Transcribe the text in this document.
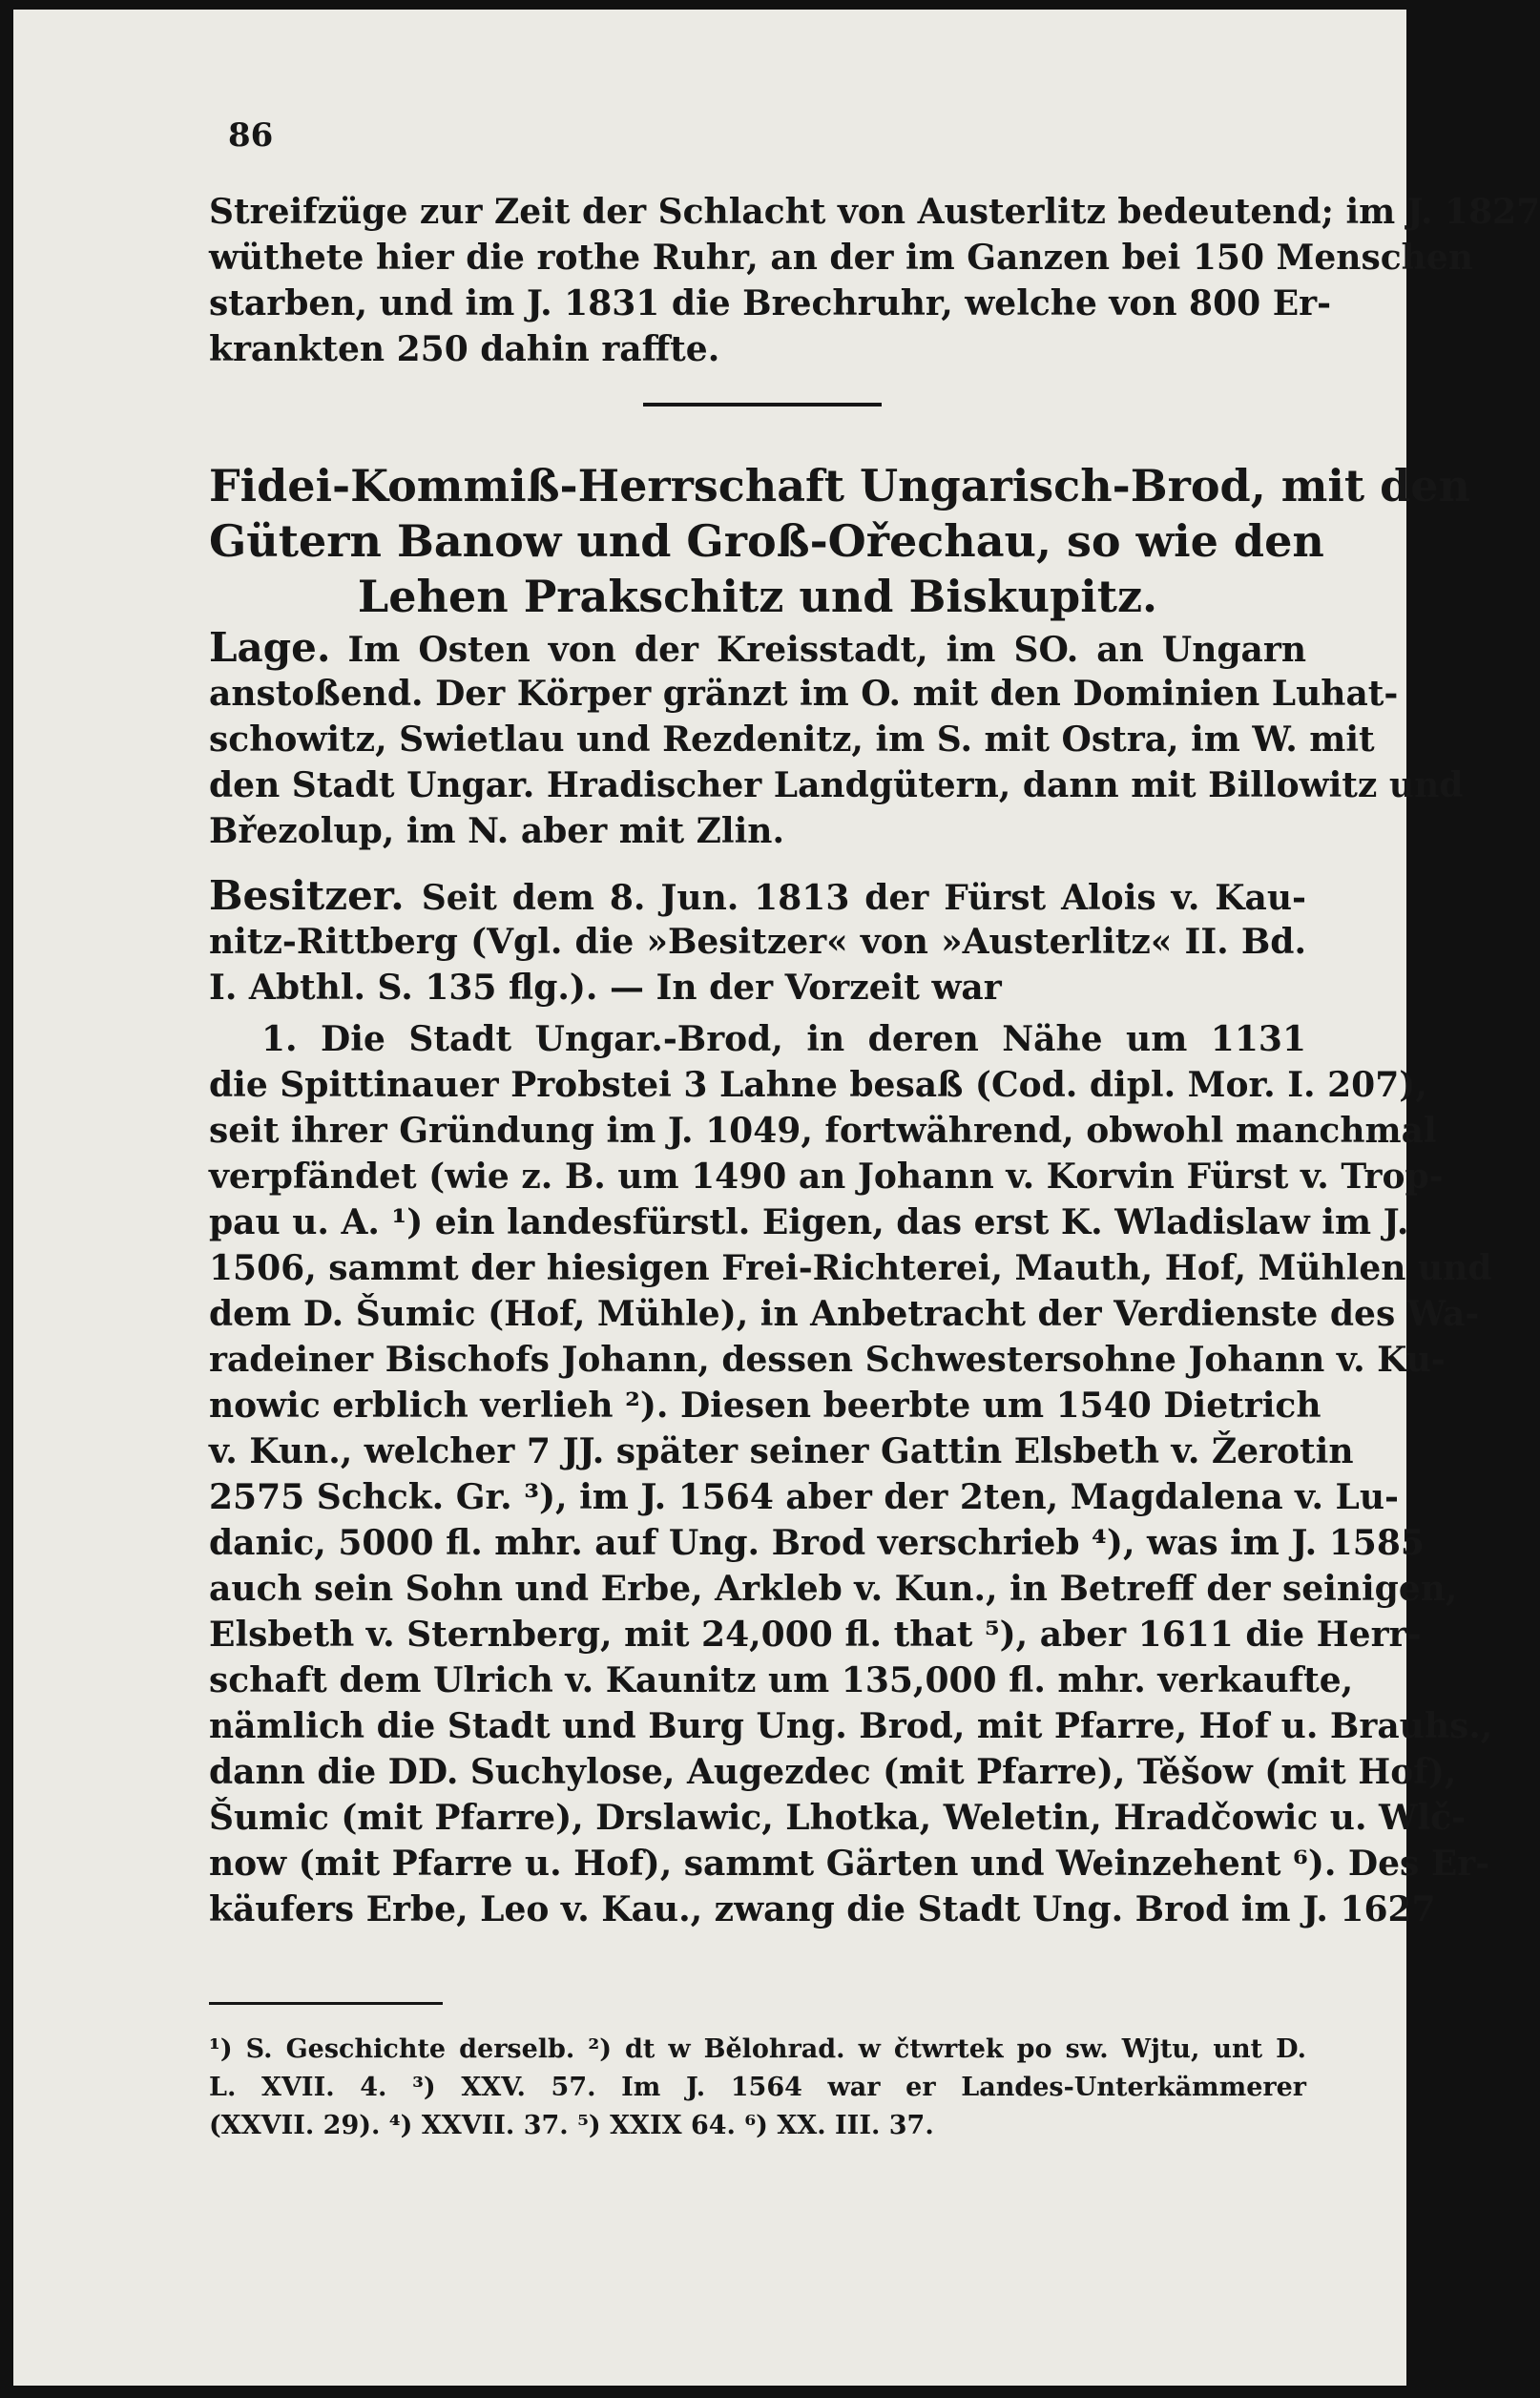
86
Streifzüge zur Zeit der Schlacht von Austerlitz bedeutend; im J. 1827
wüthete hier die rothe Ruhr, an der im Ganzen bei 150 Menschen
starben, und im J. 1831 die Brechruhr, welche von 800 Er-
krankten 250 dahin raffte.
Fidei-Kommiß-Herrschaft Ungarisch-Brod, mit den
Gütern Banow und Groß-Ořechau, so wie den
Lehen Prakschitz und Biskupitz.
Lage. Im Osten von der Kreisstadt, im SO. an Ungarn
anstoßend. Der Körper gränzt im O. mit den Dominien Luhat-
schowitz, Swietlau und Rezdenitz, im S. mit Ostra, im W. mit
den Stadt Ungar. Hradischer Landgütern, dann mit Billowitz und
Březolup, im N. aber mit Zlin.
Besitzer. Seit dem 8. Jun. 1813 der Fürst Alois v. Kau-
nitz-Rittberg (Vgl. die »Besitzer« von »Austerlitz« II. Bd.
I. Abthl. S. 135 flg.). — In der Vorzeit war
1. Die Stadt Ungar.-Brod, in deren Nähe um 1131
die Spittinauer Probstei 3 Lahne besaß (Cod. dipl. Mor. I. 207),
seit ihrer Gründung im J. 1049, fortwährend, obwohl manchmal
verpfändet (wie z. B. um 1490 an Johann v. Korvin Fürst v. Trop-
pau u. A. ¹) ein landesfürstl. Eigen, das erst K. Wladislaw im J.
1506, sammt der hiesigen Frei-Richterei, Mauth, Hof, Mühlen und
dem D. Šumic (Hof, Mühle), in Anbetracht der Verdienste des Wa-
radeiner Bischofs Johann, dessen Schwestersohne Johann v. Ku-
nowic erblich verlieh ²). Diesen beerbte um 1540 Dietrich
v. Kun., welcher 7 JJ. später seiner Gattin Elsbeth v. Žerotin
2575 Schck. Gr. ³), im J. 1564 aber der 2ten, Magdalena v. Lu-
danic, 5000 fl. mhr. auf Ung. Brod verschrieb ⁴), was im J. 1585
auch sein Sohn und Erbe, Arkleb v. Kun., in Betreff der seinigen,
Elsbeth v. Sternberg, mit 24,000 fl. that ⁵), aber 1611 die Herr-
schaft dem Ulrich v. Kaunitz um 135,000 fl. mhr. verkaufte,
nämlich die Stadt und Burg Ung. Brod, mit Pfarre, Hof u. Brauhs.,
dann die DD. Suchylose, Augezdec (mit Pfarre), Těšow (mit Hof),
Šumic (mit Pfarre), Drslawic, Lhotka, Weletin, Hradčowic u. Wlč-
now (mit Pfarre u. Hof), sammt Gärten und Weinzehent ⁶). Des Er-
käufers Erbe, Leo v. Kau., zwang die Stadt Ung. Brod im J. 1627
¹) S. Geschichte derselb. ²) dt w Bělohrad. w čtwrtek po sw. Wjtu, unt D.
L. XVII. 4. ³) XXV. 57. Im J. 1564 war er Landes-Unterkämmerer
(XXVII. 29). ⁴) XXVII. 37. ⁵) XXIX 64. ⁶) XX. III. 37.
